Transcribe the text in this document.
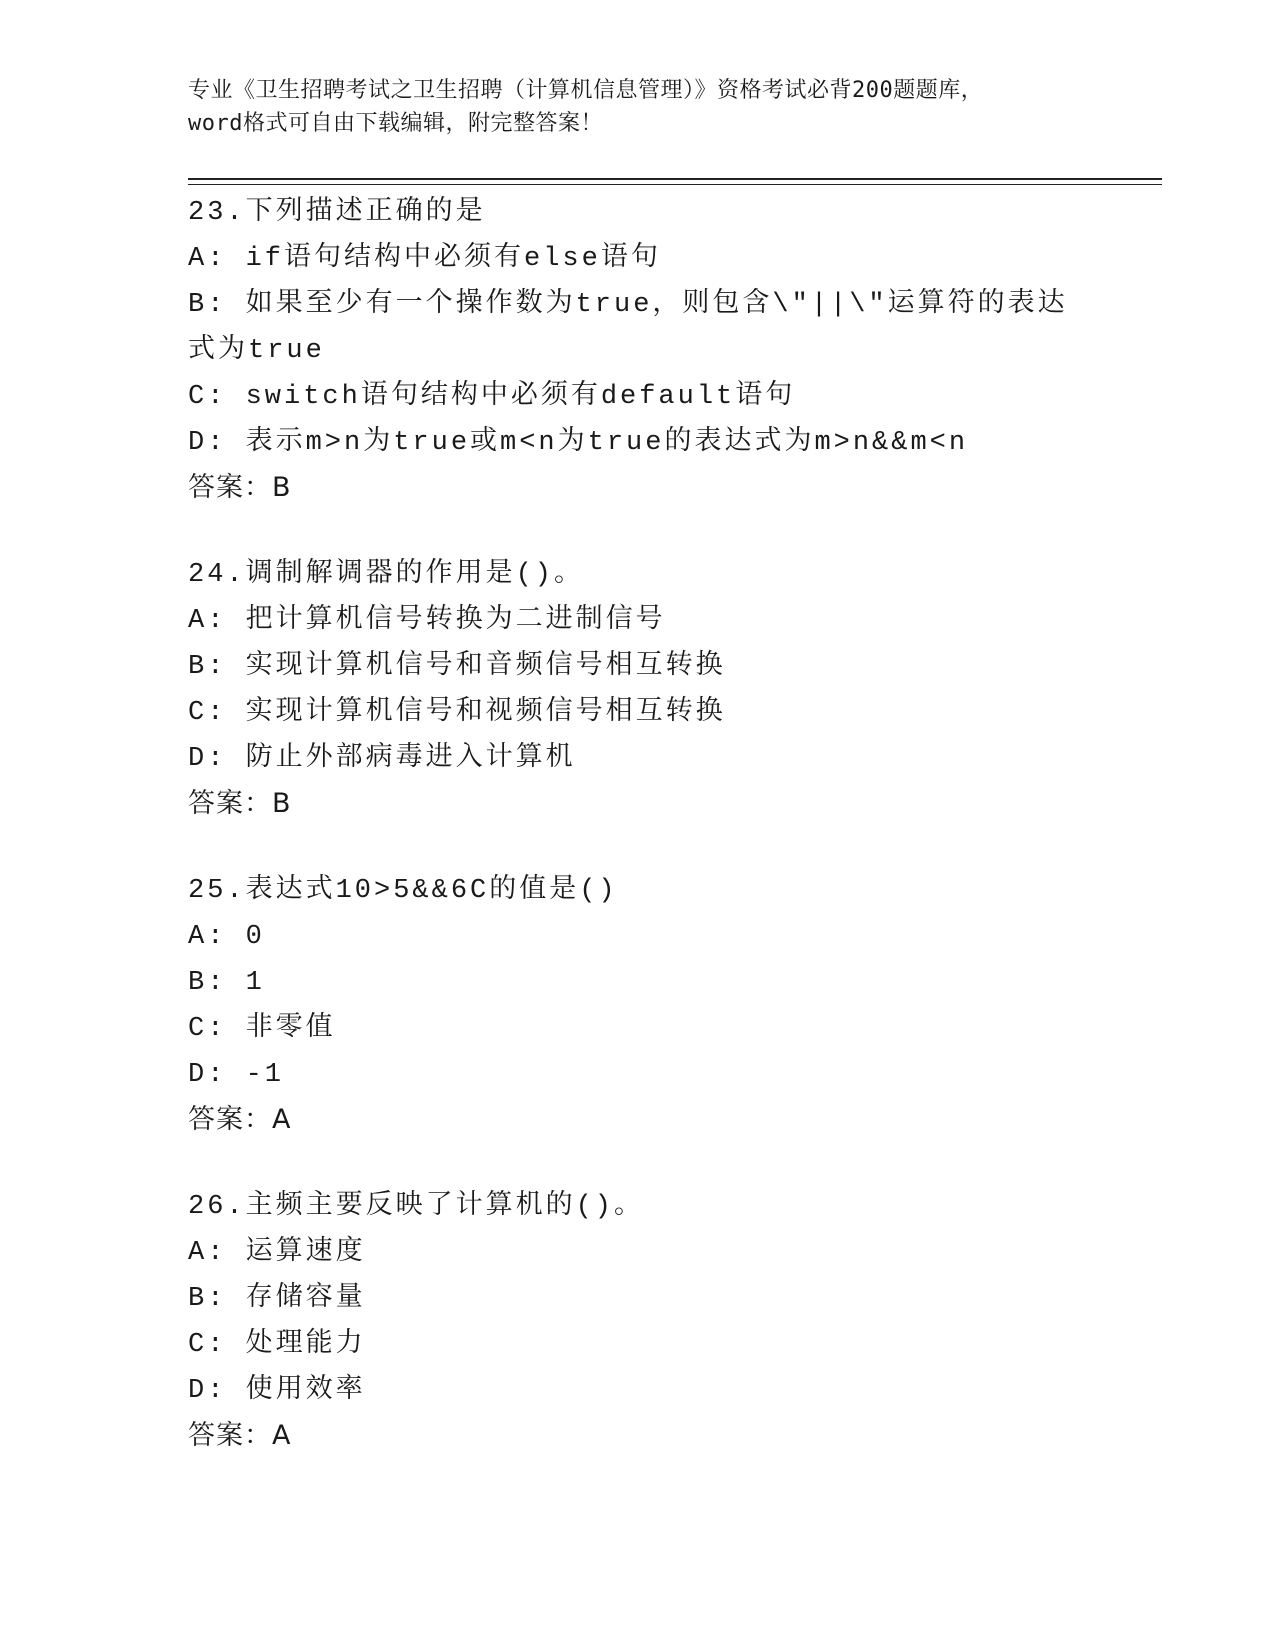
专业《卫生招聘考试之卫生招聘（计算机信息管理）》资格考试必背200题题库，

word格式可自由下载编辑，附完整答案！

23.下列描述正确的是

A: if语句结构中必须有else语句

B: 如果至少有一个操作数为true，则包含\"||\"运算符的表达式为true

C: switch语句结构中必须有default语句

D: 表示m>n为true或m<n为true的表达式为m>n&&m<n

答案：B

24.调制解调器的作用是()。

A: 把计算机信号转换为二进制信号

B: 实现计算机信号和音频信号相互转换

C: 实现计算机信号和视频信号相互转换

D: 防止外部病毒进入计算机

答案：B

25.表达式10>5&&6C的值是()

A: 0

B: 1

C: 非零值

D: -1

答案：A

26.主频主要反映了计算机的()。

A: 运算速度

B: 存储容量

C: 处理能力

D: 使用效率

答案：A
